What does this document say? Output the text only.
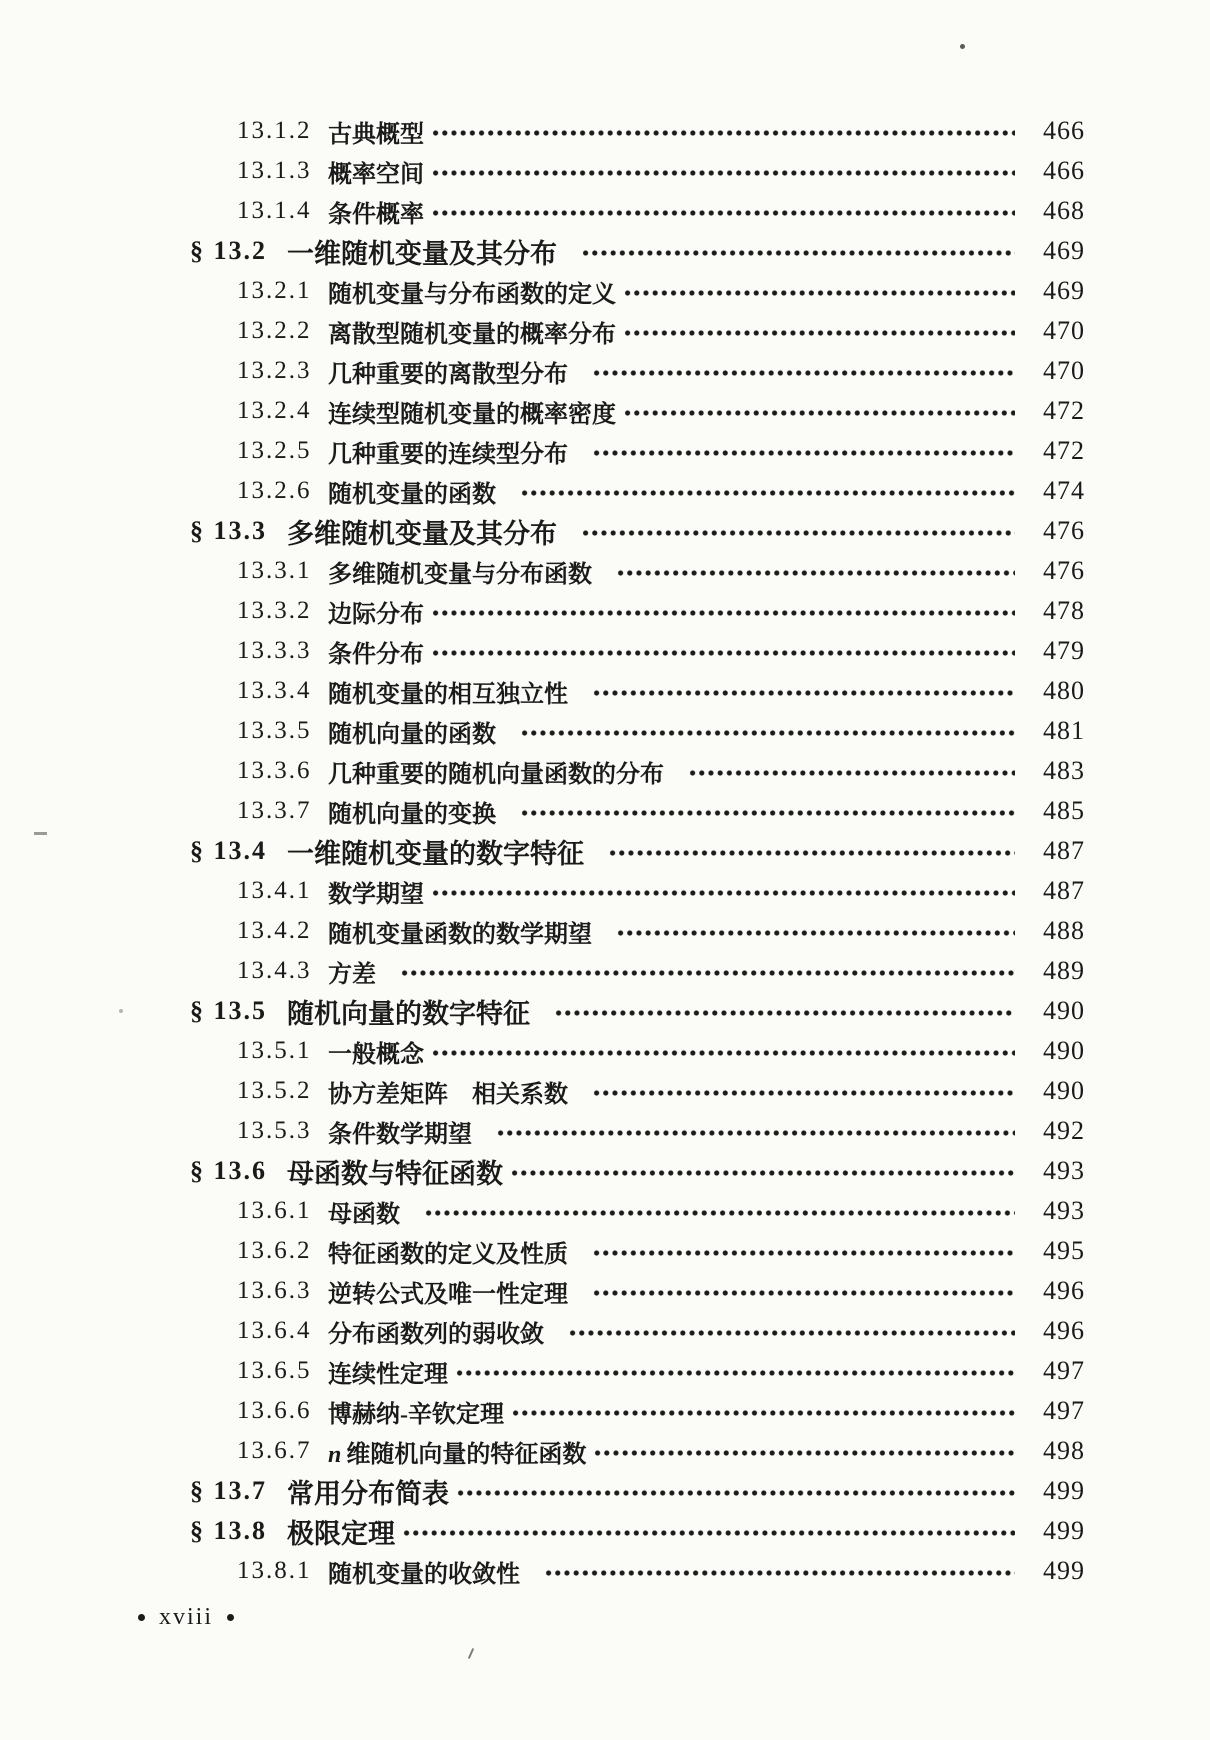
13.1.2 古典概型	466
13.1.3 概率空间	466
13.1.4 条件概率	468
§ 13.2 一维随机变量及其分布	469
13.2.1 随机变量与分布函数的定义	469
13.2.2 离散型随机变量的概率分布	470
13.2.3 几种重要的离散型分布	470
13.2.4 连续型随机变量的概率密度	472
13.2.5 几种重要的连续型分布	472
13.2.6 随机变量的函数	474
§ 13.3 多维随机变量及其分布	476
13.3.1 多维随机变量与分布函数	476
13.3.2 边际分布	478
13.3.3 条件分布	479
13.3.4 随机变量的相互独立性	480
13.3.5 随机向量的函数	481
13.3.6 几种重要的随机向量函数的分布	483
13.3.7 随机向量的变换	485
§ 13.4 一维随机变量的数字特征	487
13.4.1 数学期望	487
13.4.2 随机变量函数的数学期望	488
13.4.3 方差	489
§ 13.5 随机向量的数字特征	490
13.5.1 一般概念	490
13.5.2 协方差矩阵　相关系数	490
13.5.3 条件数学期望	492
§ 13.6 母函数与特征函数	493
13.6.1 母函数	493
13.6.2 特征函数的定义及性质	495
13.6.3 逆转公式及唯一性定理	496
13.6.4 分布函数列的弱收敛	496
13.6.5 连续性定理	497
13.6.6 博赫纳-辛钦定理	497
13.6.7 n 维随机向量的特征函数	498
§ 13.7 常用分布简表	499
§ 13.8 极限定理	499
13.8.1 随机变量的收敛性	499
xviii
